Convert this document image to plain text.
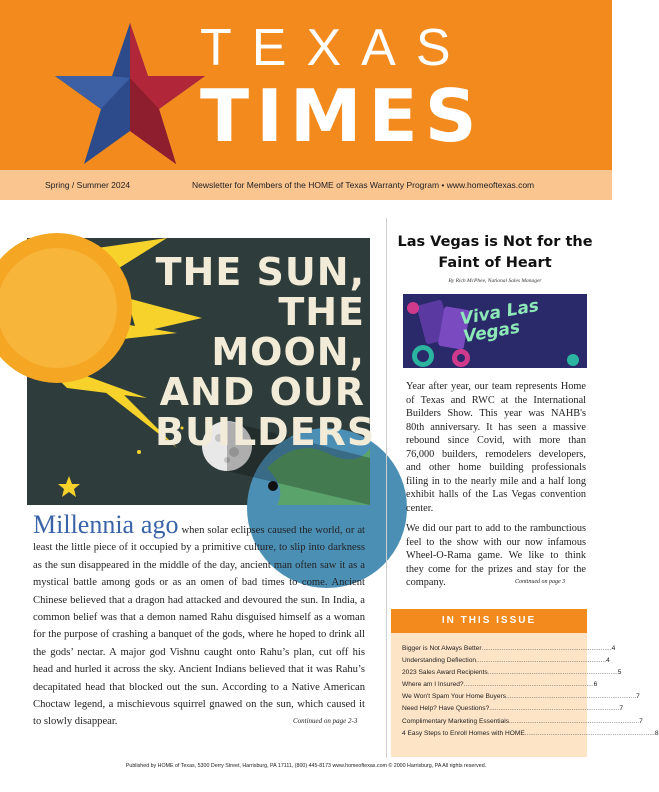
TEXAS
TIMES
Spring / Summer 2024	Newsletter for Members of the HOME of Texas Warranty Program • www.homeoftexas.com
THE SUN, THE MOON, AND OUR BUILDERS
Millennia ago when solar eclipses caused the world, or at least the little piece of it occupied by a primitive culture, to slip into darkness as the sun disappeared in the middle of the day, ancient man often saw it as a mystical battle among gods or as an omen of bad times to come. Ancient Chinese believed that a dragon had attacked and devoured the sun. In India, a common belief was that a demon named Rahu disguised himself as a woman for the purpose of crashing a banquet of the gods, where he hoped to drink all the gods’ nectar. A major god Vishnu caught onto Rahu’s plan, cut off his head and hurled it across the sky. Ancient Indians believed that it was Rahu’s decapitated head that blocked out the sun. According to a Native American Choctaw legend, a mischievous squirrel gnawed on the sun, which caused it to slowly disappear.	Continued on page 2-3
Las Vegas is Not for the Faint of Heart
By Rich McPhee, National Sales Manager
Viva Las Vegas

Year after year, our team represents Home of Texas and RWC at the International Builders Show. This year was NAHB's 80th anniversary. It has seen a massive rebound since Covid, with more than 76,000 builders, remodelers developers, and other home building professionals filing in to the nearly mile and a half long exhibit halls of the Las Vegas convention center.

We did our part to add to the rambunctious feel to the show with our now infamous Wheel-O-Rama game. We like to think they come for the prizes and stay for the company.	Continued on page 3
IN THIS ISSUE
Bigger is Not Always Better ....................................................................... 4
Understanding Deflection ....................................................................... 4
2023 Sales Award Recipients ....................................................................... 5
Where am I Insured? ....................................................................... 6
We Won't Spam Your Home Buyers ....................................................................... 7
Need Help? Have Questions? ....................................................................... 7
Complimentary Marketing Essentials ....................................................................... 7
4 Easy Steps to Enroll Homes with HOME ....................................................................... 8
Published by HOME of Texas, 5300 Derry Street, Harrisburg, PA 17111, (800) 445-8173 www.homeoftexas.com © 2000 Harrisburg, PA All rights reserved.
